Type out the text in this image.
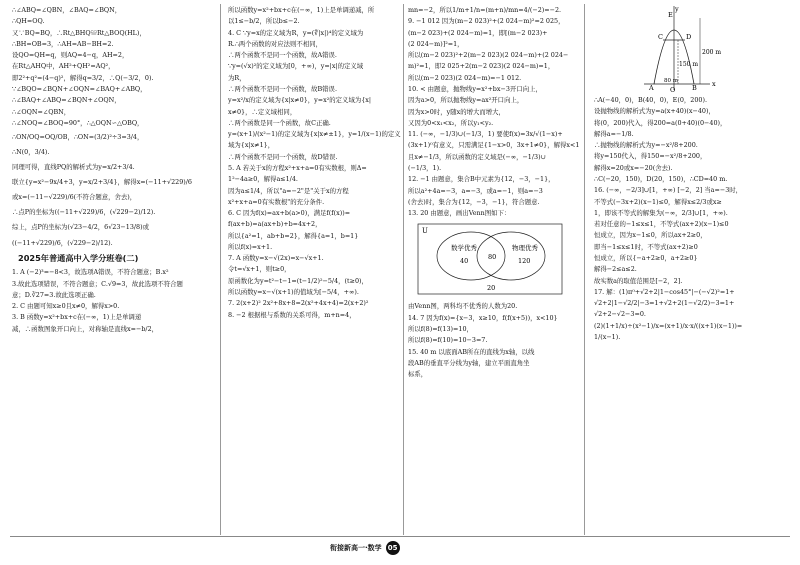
∴∠ABQ=∠QBN，∠BAQ=∠BQN，

∴QH=OQ.

又∵BQ=BQ，∴Rt△BHQ≌Rt△BOQ(HL)，

∴BH=OB=3，∴AH=AB−BH=2.

设QO=QH=q，则AQ=4−q，AH=2，

在Rt△AHQ中，AH²+QH²=AQ²，

即2²+q²=(4−q)²，解得q=3/2，∴Q(−3/2，0).

∵∠BQO=∠BQN+∠OQN=∠BAQ+∠ABQ，

∴∠BAQ+∠ABQ=∠BQN+∠OQN，

∴∠OQN=∠QBN，

∴∠NOQ=∠BOQ=90°，∴△OQN∽△OBQ，

∴ON/OQ=OQ/OB，∴ON=(3/2)²÷3=3/4，

∴N(0，3/4).

同理可得，直线PQ的解析式为y=x/2+3/4.

联立{y=x²−9x/4+3，y=x/2+3/4}，解得x=(−11+√229)/6

或x=(−11−√229)/6(不符合题意，舍去)，

∴点P的坐标为((−11+√229)/6，(√229−2)/12).

综上，点P的坐标为(√23−4/2，6√23−13/8)或

((−11+√229)/6，(√229−2)/12).

2025年普通高中入学分班卷(二)

1. A (−2)³=−8<3，故选项A错误，不符合题意；B.x²

3.故此选项错误，不符合题意；C.√9=3，故此选项不符合题

意；D.∛27=3.故此选项正确.

2. C 由题可知x≥0且x≠0，解得x>0.

3. B 函数y=x²+bx+c在(−∞，1)上是单调递

减，∴函数图象开口向上，对称轴是直线x=−b/2，

所以函数y=x²+bx+c在(−∞，1)上是单调递减，所

以1≤−b/2，所以b≤−2.

4. C ∵y=x的定义域为R，y=(∜|x|)⁴的定义域为

R.∴两个函数的对应法则不相同，

∴两个函数不是同一个函数，故A错误.

∵y=(√x)²的定义域为[0，+∞)，y=|x|的定义域

为R，

∴两个函数不是同一个函数，故B错误.

y=x²/x的定义域为{x|x≠0}，y=x²的定义域为{x|

x≠0}，∴定义域相同，

∴两个函数是同一个函数，故C正确.

y=(x+1)/(x²−1)的定义域为{x|x≠±1}，y=1/(x−1)的定义

域为{x|x≠1}，

∴两个函数不是同一个函数，故D错误.

5. A 若关于x的方程x²+x+a=0有实数根，则Δ=

1²−4a≥0，解得a≤1/4.

因为a≤1/4，所以"a=−2"是"关于x的方程

x²+x+a=0有实数根"的充分条件.

6. C 因为f(x)=ax+b(a>0)，满足f(f(x))=

f(ax+b)=a(ax+b)+b=4x+2，

所以{a²=1，ab+b=2}，解得{a=1，b=1}

所以f(x)=x+1.

7. A 函数y=x−√(2x)=x−√x+1.

令t=√x+1，则t≥0，

原函数化为y=t²−t−1=(t−1/2)²−5/4，(t≥0)，

所以函数y=x−√(x+1)的值域为[−5/4，+∞).

7. 2(x+2)² 2x²+8x+8=2(x²+4x+4)=2(x+2)²

8. −2 根据根与系数的关系可得，m+n=4，

mn=−2，所以1/m+1/n=(m+n)/mn=4/(−2)=−2.

9. −1 012 因为(m−2 023)²+(2 024−m)²=2 025，

(m−2 023)+(2 024−m)=1，即[(m−2 023)+

(2 024−m)]²=1，

所以(m−2 023)²+2(m−2 023)(2 024−m)+(2 024−

m)²=1，即2 025+2(m−2 023)(2 024−m)=1，

所以(m−2 023)(2 024−m)=−1 012.

10. < 由题意，抛物线y=x²+bx−3开口向上，

因为a>0，所以抛物线y=ax²开口向上，

因为x>0时，y随x的增大而增大，

又因为0<x₁<x₂，所以y₁<y₂.

11. (−∞，−1/3)∪(−1/3，1) 要使f(x)=3x/√(1−x)+

(3x+1)⁰有意义，只需满足{1−x>0，3x+1≠0}，解得x<1

且x≠−1/3，所以函数的定义域是(−∞，−1/3)∪

(−1/3，1).

12. −1 由题意，集合B中元素为{12，−3，−1}，

所以a²+4a=−3，a=−3，或a=−1，则a=−3

(舍去)时，集合为{12，−3，−1}，符合题意.

13. 20 由题意，画出Venn图如下：

U
数学优秀
40	80
物理优秀
120
20

由Venn图，两科均不优秀的人数为20.

14. 7 因为f(x)={x−3，x≥10，f(f(x+5))，x<10}

所以f(8)=f(13)=10，

所以f(8)=f(10)=10−3=7.

15. 40 m 以底面AB所在的直线为x轴，以线

段AB的垂直平分线为y轴，建立平面直角坐

标系，

y
E
C	D
200 m
150 m
A	O	B x
80 m

∴A(−40，0)，B(40，0)，E(0，200).

设抛物线的解析式为y=a(x+40)(x−40)，

将(0，200)代入，得200=a(0+40)(0−40)，

解得a=−1/8.

∴抛物线的解析式为y=−x²/8+200.

将y=150代入，得150=−x²/8+200，

解得x=20或x=−20(舍去).

∴C(−20，150)，D(20，150)，∴CD=40 m.

16. (−∞，−2/3]∪[1，+∞) [−2，2] 当a=−3时，

不等式(−3x+2)(x−1)≤0，解得x≤2/3或x≥

1，即该不等式的解集为(−∞，2/3]∪[1，+∞).

若对任意的−1≤x≤1，不等式(ax+2)(x−1)≤0

恒成立，因为x−1≤0，所以ax+2≥0，

即当−1≤x≤1时，不等式(ax+2)≥0

恒成立，所以{−a+2≥0，a+2≥0}

解得−2≤a≤2.

故实数a的取值范围是[−2，2].

17. 解：(1)π⁰+√2+2|1−cos45°|−(−√2)²=1+

√2+2|1−√2/2|−3=1+√2+2(1−√2/2)−3=1+

√2+2−√2−3=0.

(2)(1+1/x)÷(x²−1)/x=(x+1)/x·x/((x+1)(x−1))=

1/(x−1).

衔接新高一·数学 05
